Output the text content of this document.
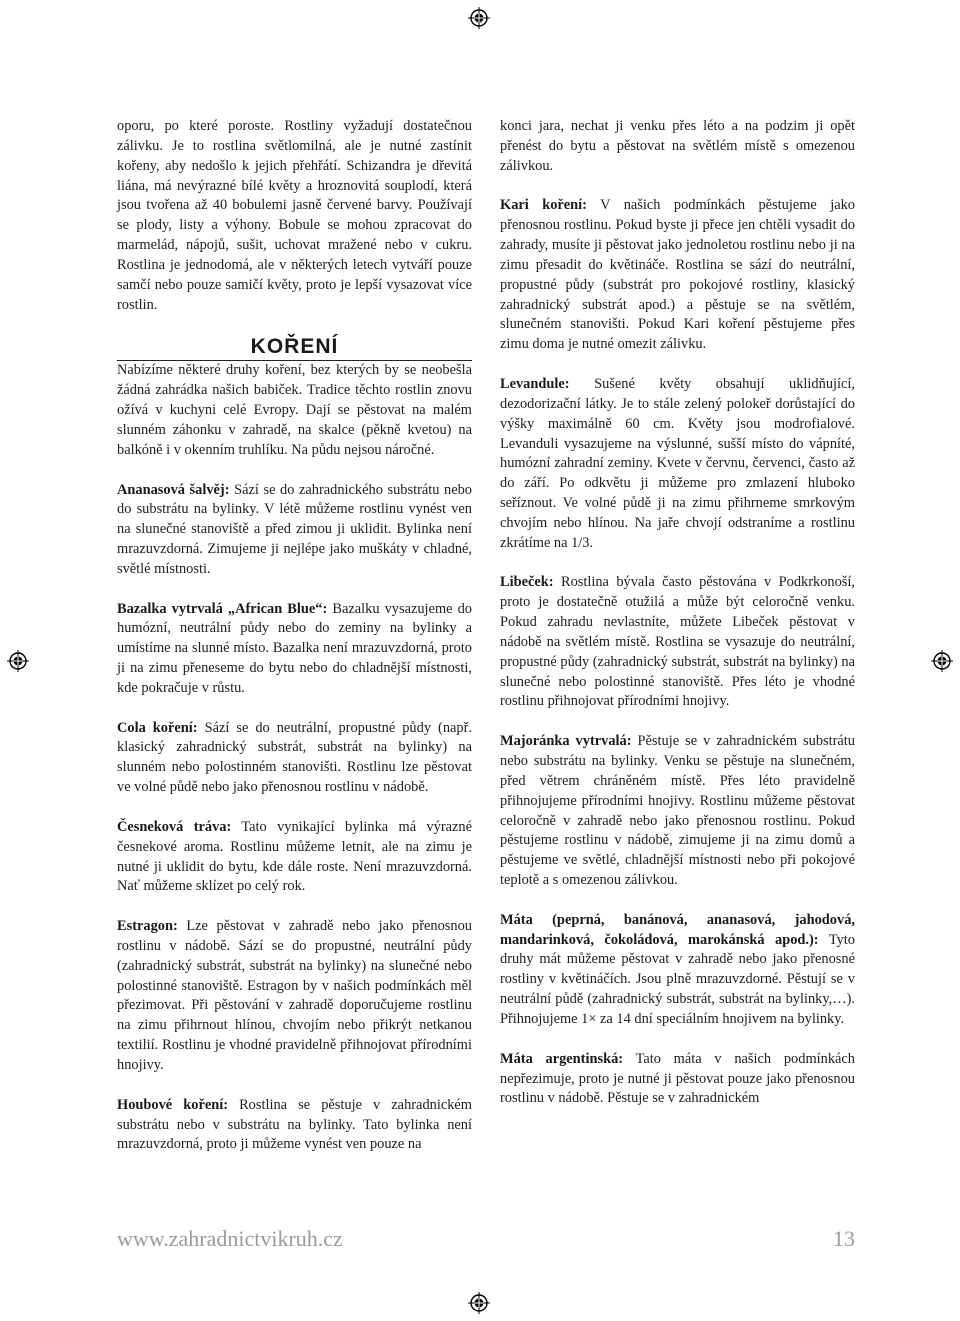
oporu, po které poroste. Rostliny vyžadují dostatečnou zálivku. Je to rostlina světlomilná, ale je nutné zastínit kořeny, aby nedošlo k jejich přehřátí. Schizandra je dřevitá liána, má nevýrazné bílé květy a hroznovitá souplodí, která jsou tvořena až 40 bobulemi jasně červené barvy. Používají se plody, listy a výhony. Bobule se mohou zpracovat do marmelád, nápojů, sušit, uchovat mražené nebo v cukru. Rostlina je jednodomá, ale v některých letech vytváří pouze samčí nebo pouze samičí květy, proto je lepší vysazovat více rostlin.

KOŘENÍ

Nabízíme některé druhy koření, bez kterých by se neobešla žádná zahrádka našich babiček. Tradice těchto rostlin znovu ožívá v kuchyni celé Evropy. Dají se pěstovat na malém slunném záhonku v zahradě, na skalce (pěkně kvetou) na balkóně i v okenním truhlíku. Na půdu nejsou náročné.

Ananasová šalvěj: Sází se do zahradnického substrátu nebo do substrátu na bylinky. V létě můžeme rostlinu vynést ven na slunečné stanoviště a před zimou ji uklidit. Bylinka není mrazuvzdorná. Zimujeme ji nejlépe jako muškáty v chladné, světlé místnosti.

Bazalka vytrvalá „African Blue“: Bazalku vysazujeme do humózní, neutrální půdy nebo do zeminy na bylinky a umístíme na slunné místo. Bazalka není mrazuvzdorná, proto ji na zimu přeneseme do bytu nebo do chladnější místnosti, kde pokračuje v růstu.

Cola koření: Sází se do neutrální, propustné půdy (např. klasický zahradnický substrát, substrát na bylinky) na slunném nebo polostinném stanovišti. Rostlinu lze pěstovat ve volné půdě nebo jako přenosnou rostlinu v nádobě.

Česneková tráva: Tato vynikající bylinka má výrazné česnekové aroma. Rostlinu můžeme letnit, ale na zimu je nutné ji uklidit do bytu, kde dále roste. Není mrazuvzdorná. Nať můžeme sklízet po celý rok.

Estragon: Lze pěstovat v zahradě nebo jako přenosnou rostlinu v nádobě. Sází se do propustné, neutrální půdy (zahradnický substrát, substrát na bylinky) na slunečné nebo polostinné stanoviště. Estragon by v našich podmínkách měl přezimovat. Při pěstování v zahradě doporučujeme rostlinu na zimu přihrnout hlínou, chvojím nebo přikrýt netkanou textilií. Rostlinu je vhodné pravidelně přihnojovat přírodními hnojivy.

Houbové koření: Rostlina se pěstuje v zahradnickém substrátu nebo v substrátu na bylinky. Tato bylinka není mrazuvzdorná, proto ji můžeme vynést ven pouze na

konci jara, nechat ji venku přes léto a na podzim ji opět přenést do bytu a pěstovat na světlém místě s omezenou zálivkou.

Kari koření: V našich podmínkách pěstujeme jako přenosnou rostlinu. Pokud byste ji přece jen chtěli vysadit do zahrady, musíte ji pěstovat jako jednoletou rostlinu nebo ji na zimu přesadit do květináče. Rostlina se sází do neutrální, propustné půdy (substrát pro pokojové rostliny, klasický zahradnický substrát apod.) a pěstuje se na světlém, slunečném stanovišti. Pokud Kari koření pěstujeme přes zimu doma je nutné omezit zálivku.

Levandule: Sušené květy obsahují uklidňující, dezodorizační látky. Je to stále zelený polokeř dorůstající do výšky maximálně 60 cm. Květy jsou modrofialové. Levanduli vysazujeme na výslunné, sušší místo do vápníté, humózní zahradní zeminy. Kvete v červnu, červenci, často až do září. Po odkvětu ji můžeme pro zmlazení hluboko seříznout. Ve volné půdě ji na zimu přihrneme smrkovým chvojím nebo hlínou. Na jaře chvojí odstraníme a rostlinu zkrátíme na 1/3.

Libeček: Rostlina bývala často pěstována v Podkrkonoší, proto je dostatečně otužilá a může být celoročně venku. Pokud zahradu nevlastníte, můžete Libeček pěstovat v nádobě na světlém místě. Rostlina se vysazuje do neutrální, propustné půdy (zahradnický substrát, substrát na bylinky) na slunečné nebo polostinné stanoviště. Přes léto je vhodné rostlinu přihnojovat přírodními hnojivy.

Majoránka vytrvalá: Pěstuje se v zahradnickém substrátu nebo substrátu na bylinky. Venku se pěstuje na slunečném, před větrem chráněném místě. Přes léto pravidelně přihnojujeme přírodními hnojivy. Rostlinu můžeme pěstovat celoročně v zahradě nebo jako přenosnou rostlinu. Pokud pěstujeme rostlinu v nádobě, zimujeme ji na zimu domů a pěstujeme ve světlé, chladnější místnosti nebo při pokojové teplotě a s omezenou zálivkou.

Máta (peprná, banánová, ananasová, jahodová, mandarinková, čokoládová, marokánská apod.): Tyto druhy mát můžeme pěstovat v zahradě nebo jako přenosné rostliny v květináčích. Jsou plně mrazuvzdorné. Pěstují se v neutrální půdě (zahradnický substrát, substrát na bylinky,…). Přihnojujeme 1× za 14 dní speciálním hnojivem na bylinky.

Máta argentinská: Tato máta v našich podmínkách nepřezimuje, proto je nutné ji pěstovat pouze jako přenosnou rostlinu v nádobě. Pěstuje se v zahradnickém

www.zahradnictvikruh.cz	13
